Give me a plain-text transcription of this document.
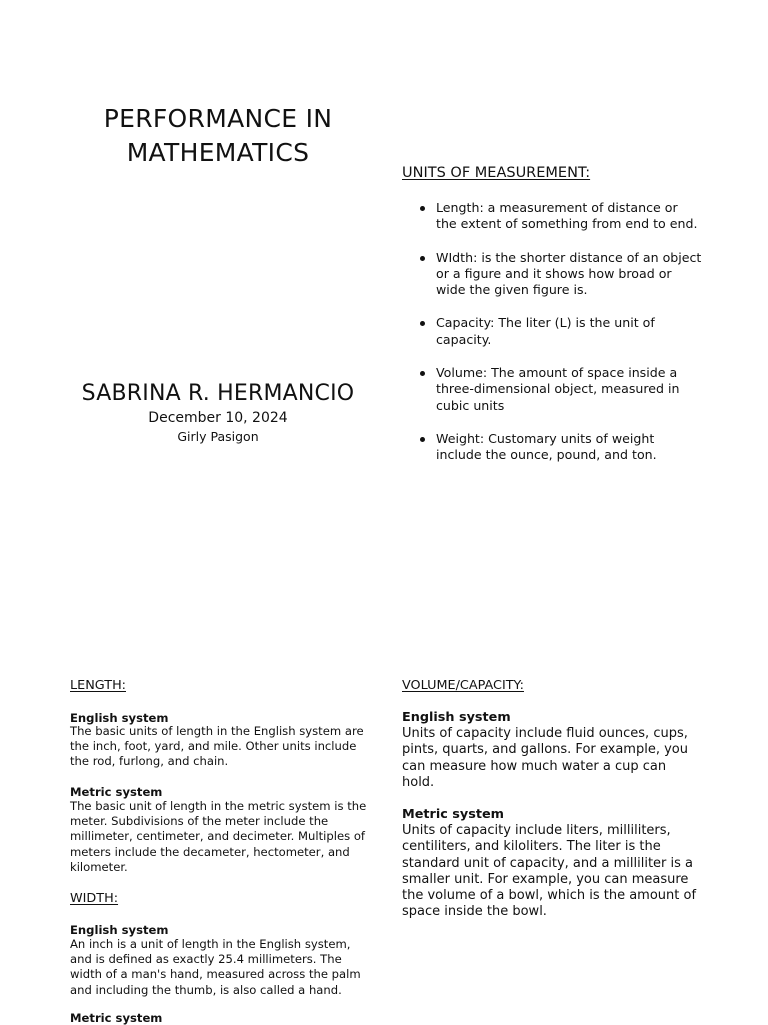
PERFORMANCE IN MATHEMATICS
SABRINA R. HERMANCIO
December 10, 2024
Girly Pasigon
UNITS OF MEASUREMENT:
Length: a measurement of distance or the extent of something from end to end.
WIdth: is the shorter distance of an object or a figure and it shows how broad or wide the given figure is.
Capacity: The liter (L) is the unit of capacity.
Volume: The amount of space inside a three-dimensional object, measured in cubic units
Weight: Customary units of weight include the ounce, pound, and ton.
LENGTH:
English system
The basic units of length in the English system are the inch, foot, yard, and mile. Other units include the rod, furlong, and chain.
Metric system
The basic unit of length in the metric system is the meter. Subdivisions of the meter include the millimeter, centimeter, and decimeter. Multiples of meters include the decameter, hectometer, and kilometer.
WIDTH:
English system
An inch is a unit of length in the English system, and is defined as exactly 25.4 millimeters. The width of a man's hand, measured across the palm and including the thumb, is also called a hand.
Metric system
VOLUME/CAPACITY:
English system
Units of capacity include fluid ounces, cups, pints, quarts, and gallons. For example, you can measure how much water a cup can hold.
Metric system
Units of capacity include liters, milliliters, centiliters, and kiloliters. The liter is the standard unit of capacity, and a milliliter is a smaller unit. For example, you can measure the volume of a bowl, which is the amount of space inside the bowl.
